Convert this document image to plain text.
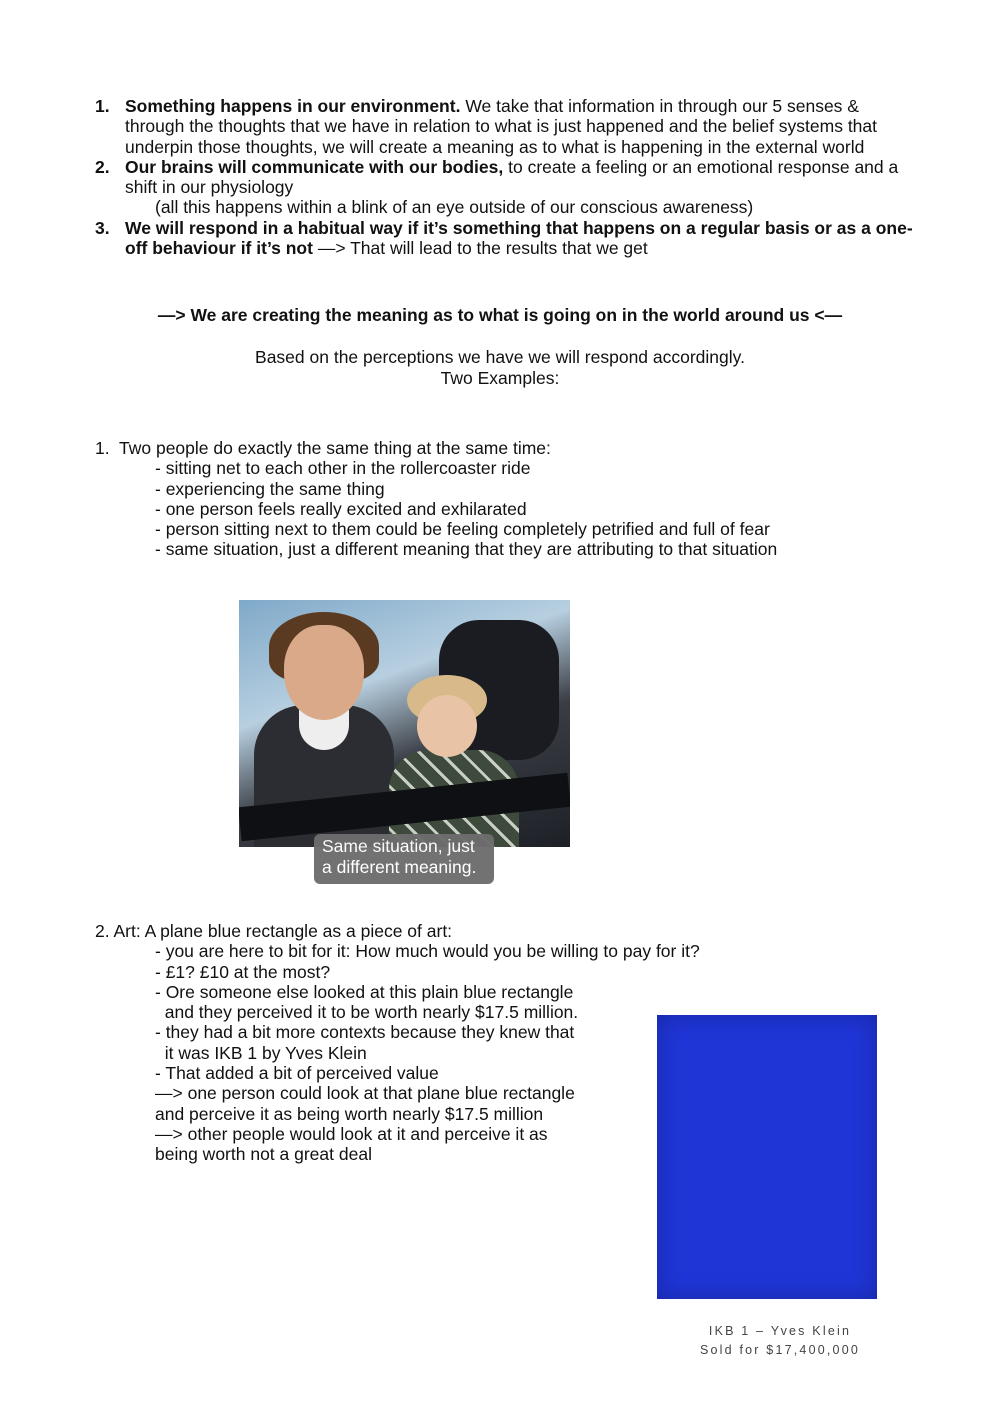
1. Something happens in our environment. We take that information in through our 5 senses & through the thoughts that we have in relation to what is just happened and the belief systems that underpin those thoughts, we will create a meaning as to what is happening in the external world
2. Our brains will communicate with our bodies, to create a feeling or an emotional response and a shift in our physiology
(all this happens within a blink of an eye outside of our conscious awareness)
3. We will respond in a habitual way if it’s something that happens on a regular basis or as a one-off behaviour if it’s not —> That will lead to the results that we get
—> We are creating the meaning as to what is going on in the world around us <—
Based on the perceptions we have we will respond accordingly.
Two Examples:
1.  Two people do exactly the same thing at the same time:
- sitting net to each other in the rollercoaster ride
- experiencing the same thing
- one person feels really excited and exhilarated
- person sitting next to them could be feeling completely petrified and full of fear
- same situation, just a different meaning that they are attributing to that situation
Same situation, just
a different meaning.
2. Art: A plane blue rectangle as a piece of art:
- you are here to bit for it: How much would you be willing to pay for it?
- £1? £10 at the most?
- Ore someone else looked at this plain blue rectangle
and they perceived it to be worth nearly $17.5 million.
- they had a bit more contexts because they knew that
it was IKB 1 by Yves Klein
- That added a bit of perceived value
—> one person could look at that plane blue rectangle
and perceive it as being worth nearly $17.5 million
—> other people would look at it and perceive it as
being worth not a great deal
IKB 1 – Yves Klein
Sold for $17,400,000
